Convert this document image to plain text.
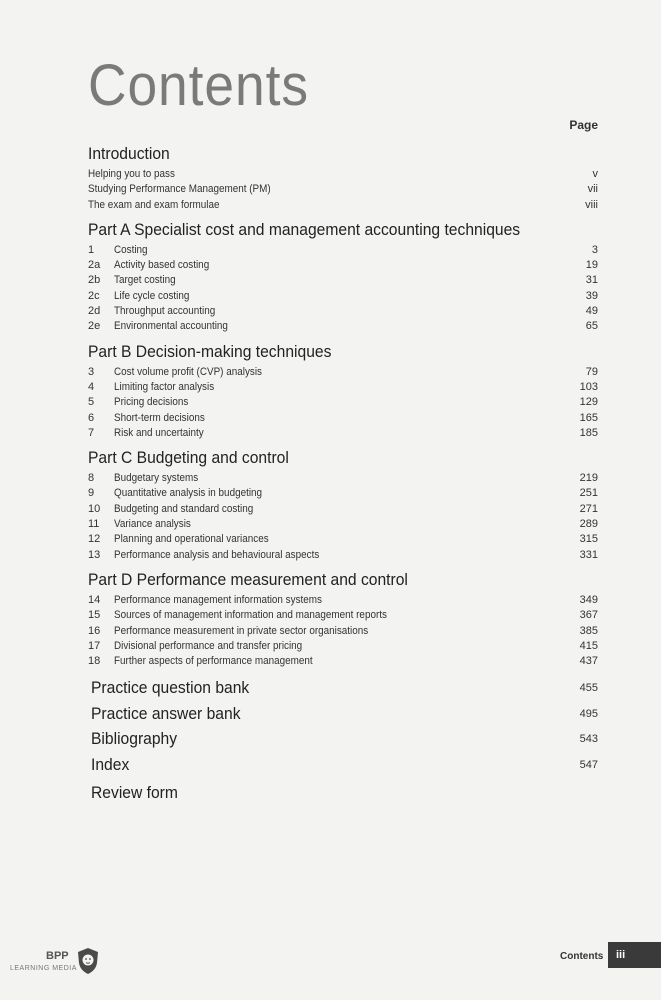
Contents
Page
Introduction
Helping you to pass	v
Studying Performance Management (PM)	vii
The exam and exam formulae	viii
Part A Specialist cost and management accounting techniques
1	Costing	3
2a	Activity based costing	19
2b	Target costing	31
2c	Life cycle costing	39
2d	Throughput accounting	49
2e	Environmental accounting	65
Part B Decision-making techniques
3	Cost volume profit (CVP) analysis	79
4	Limiting factor analysis	103
5	Pricing decisions	129
6	Short-term decisions	165
7	Risk and uncertainty	185
Part C Budgeting and control
8	Budgetary systems	219
9	Quantitative analysis in budgeting	251
10	Budgeting and standard costing	271
11	Variance analysis	289
12	Planning and operational variances	315
13	Performance analysis and behavioural aspects	331
Part D Performance measurement and control
14	Performance management information systems	349
15	Sources of management information and management reports	367
16	Performance measurement in private sector organisations	385
17	Divisional performance and transfer pricing	415
18	Further aspects of performance management	437
Practice question bank	455
Practice answer bank	495
Bibliography	543
Index	547
Review form
BPP
LEARNING MEDIA
Contents	iii
